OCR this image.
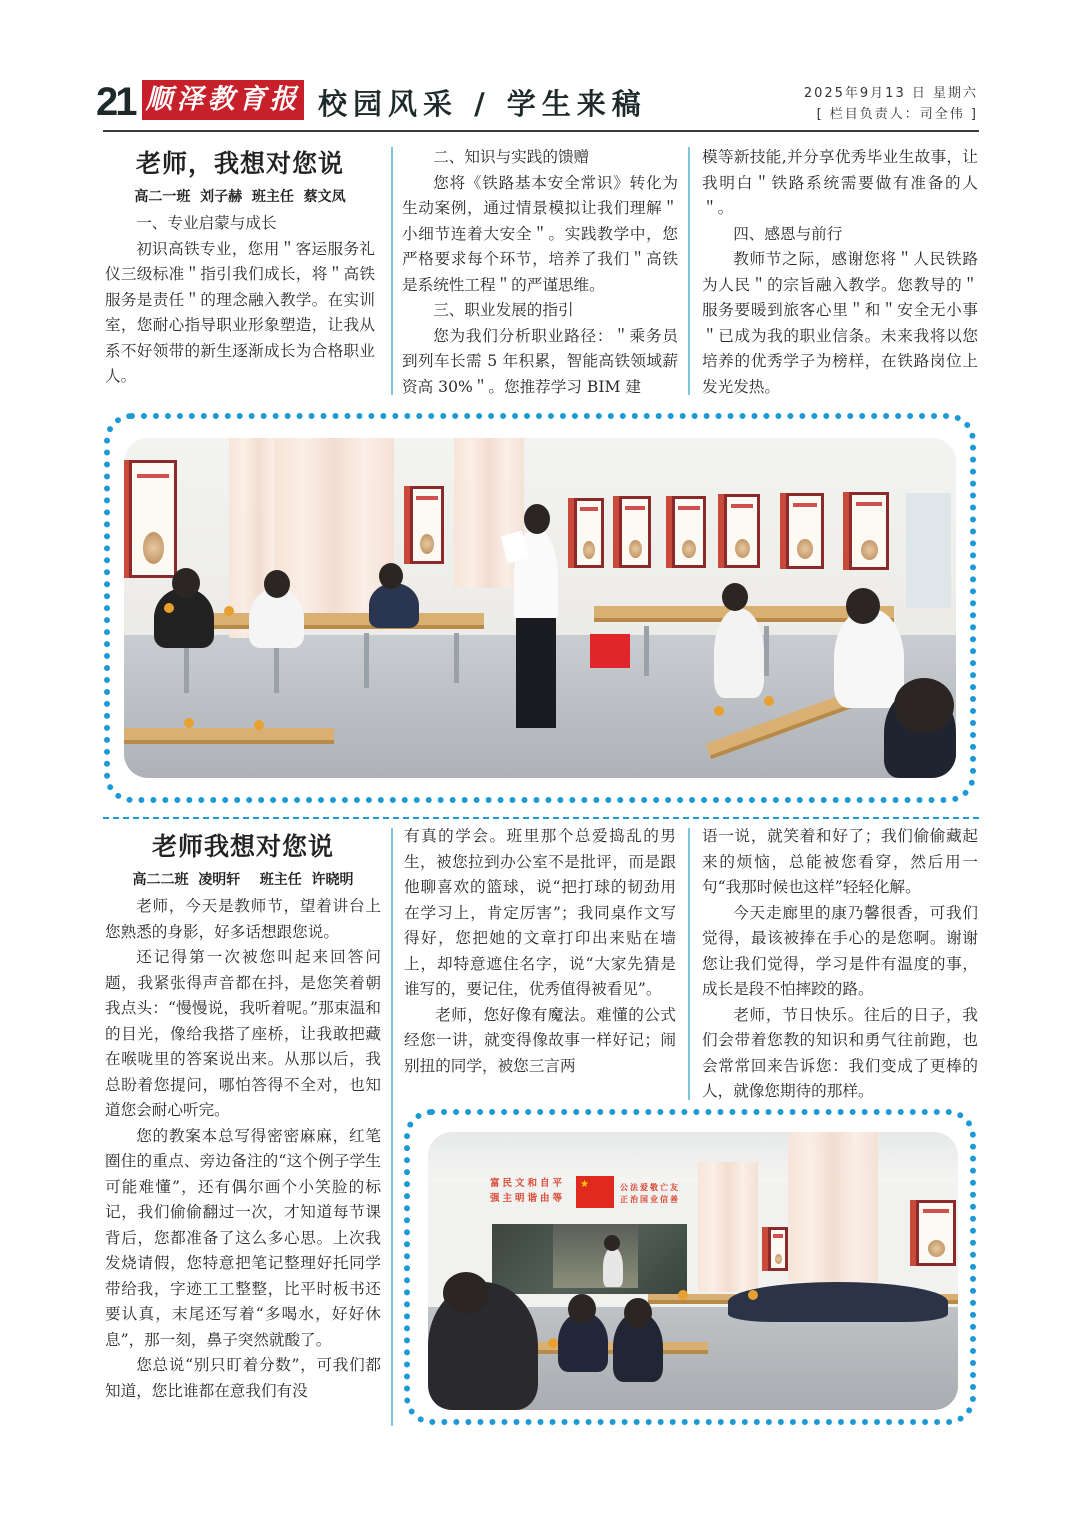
21 顺泽教育报 校园风采 / 学生来稿	2025年9月13 日 星期六
[ 栏目负责人：司全伟 ]

老师，我想对您说

高二一班  刘子赫  班主任  蔡文凤

一、专业启蒙与成长

初识高铁专业，您用＂客运服务礼仪三级标准＂指引我们成长，将＂高铁服务是责任＂的理念融入教学。在实训室，您耐心指导职业形象塑造，让我从系不好领带的新生逐渐成长为合格职业人。

二、知识与实践的馈赠

您将《铁路基本安全常识》转化为生动案例，通过情景模拟让我们理解＂小细节连着大安全＂。实践教学中，您严格要求每个环节，培养了我们＂高铁是系统性工程＂的严谨思维。

三、职业发展的指引

您为我们分析职业路径：＂乘务员到列车长需 5 年积累，智能高铁领域薪资高 30%＂。您推荐学习 BIM 建

模等新技能,并分享优秀毕业生故事，让我明白＂铁路系统需要做有准备的人＂。

四、感恩与前行

教师节之际，感谢您将＂人民铁路为人民＂的宗旨融入教学。您教导的＂服务要暖到旅客心里＂和＂安全无小事＂已成为我的职业信条。未来我将以您培养的优秀学子为榜样，在铁路岗位上发光发热。

老师我想对您说

高二二班  凌明轩    班主任  许晓明

老师，今天是教师节，望着讲台上您熟悉的身影，好多话想跟您说。

还记得第一次被您叫起来回答问题，我紧张得声音都在抖，是您笑着朝我点头：“慢慢说，我听着呢。”那束温和的目光，像给我搭了座桥，让我敢把藏在喉咙里的答案说出来。从那以后，我总盼着您提问，哪怕答得不全对，也知道您会耐心听完。

您的教案本总写得密密麻麻，红笔圈住的重点、旁边备注的“这个例子学生可能难懂”，还有偶尔画个小笑脸的标记，我们偷偷翻过一次，才知道每节课背后，您都准备了这么多心思。上次我发烧请假，您特意把笔记整理好托同学带给我，字迹工工整整，比平时板书还要认真，末尾还写着“多喝水，好好休息”，那一刻，鼻子突然就酸了。

您总说“别只盯着分数”，可我们都知道，您比谁都在意我们有没

有真的学会。班里那个总爱捣乱的男生，被您拉到办公室不是批评，而是跟他聊喜欢的篮球，说“把打球的韧劲用在学习上，肯定厉害”；我同桌作文写得好，您把她的文章打印出来贴在墙上，却特意遮住名字，说“大家先猜是谁写的，要记住，优秀值得被看见”。

老师，您好像有魔法。难懂的公式经您一讲，就变得像故事一样好记；闹别扭的同学，被您三言两

语一说，就笑着和好了；我们偷偷藏起来的烦恼，总能被您看穿，然后用一句“我那时候也这样”轻轻化解。

今天走廊里的康乃馨很香，可我们觉得，最该被捧在手心的是您啊。谢谢您让我们觉得，学习是件有温度的事，成长是段不怕摔跤的路。

老师，节日快乐。往后的日子，我们会带着您教的知识和勇气往前跑，也会常常回来告诉您：我们变成了更棒的人，就像您期待的那样。

富民文和自平
强主明谐由等
★	公法爱敬亡友
正治国业信善
